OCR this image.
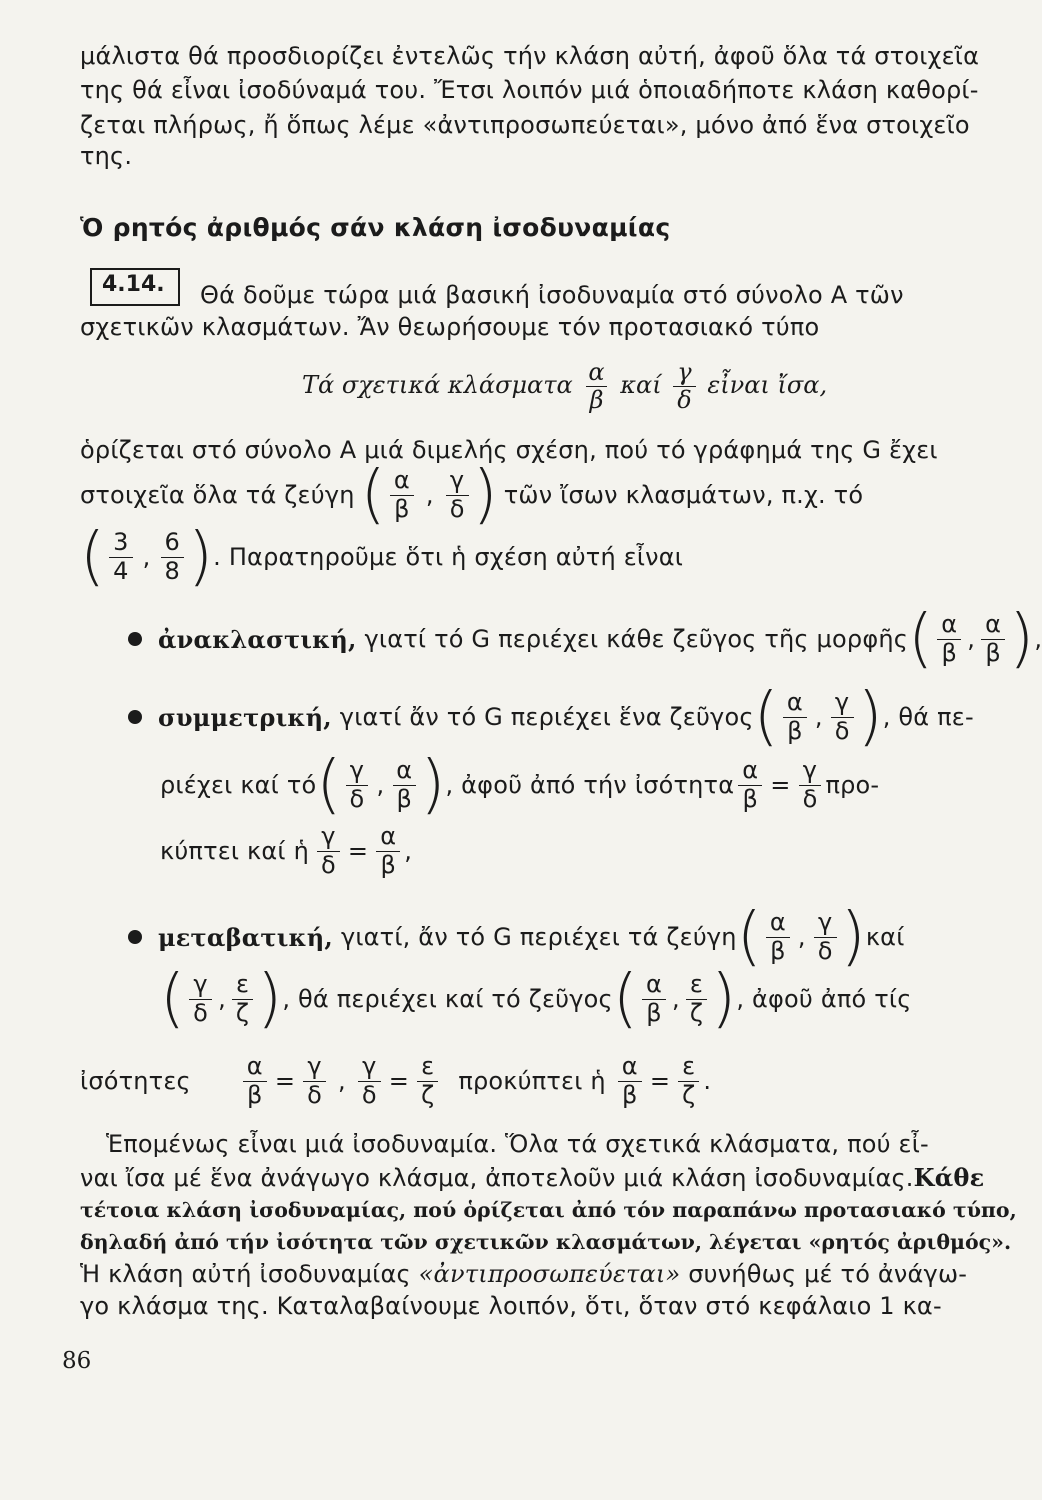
μάλιστα θά προσδιορίζει ἐντελῶς τήν κλάση αὐτή, ἀφοῦ ὅλα τά στοιχεῖα
της θά εἶναι ἰσοδύναμά του. Ἔτσι λοιπόν μιά ὁποιαδήποτε κλάση καθορί-
ζεται πλήρως, ἤ ὅπως λέμε «ἀντιπροσωπεύεται», μόνο ἀπό ἕνα στοιχεῖο
της.
Ὁ ρητός ἀριθμός σάν κλάση ἰσοδυναμίας
4.14. Θά δοῦμε τώρα μιά βασική ἰσοδυναμία στό σύνολο Α τῶν
σχετικῶν κλασμάτων. Ἄν θεωρήσουμε τόν προτασιακό τύπο
Τά σχετικά κλάσματα $\frac{\alpha}{\beta}$ καί $\frac{\gamma}{\delta}$ εἶναι ἴσα,
ὁρίζεται στό σύνολο Α μιά διμελής σχέση, πού τό γράφημά της G ἔχει
στοιχεῖα ὅλα τά ζεύγη ( $\frac{\alpha}{\beta}$ , $\frac{\gamma}{\delta}$ ) τῶν ἴσων κλασμάτων, π.χ. τό
( $\frac{3}{4}$ , $\frac{6}{8}$ ) . Παρατηροῦμε ὅτι ἡ σχέση αὐτή εἶναι
ἀνακλαστική, γιατί τό G περιέχει κάθε ζεῦγος τῆς μορφῆς ( $\frac{\alpha}{\beta}$ , $\frac{\alpha}{\beta}$ ) ,
συμμετρική, γιατί ἄν τό G περιέχει ἕνα ζεῦγος ( $\frac{\alpha}{\beta}$ , $\frac{\gamma}{\delta}$ ) , θά πε-
ριέχει καί τό ( $\frac{\gamma}{\delta}$ , $\frac{\alpha}{\beta}$ ) , ἀφοῦ ἀπό τήν ἰσότητα $\frac{\alpha}{\beta} = \frac{\gamma}{\delta} \pi\rho o-$
κύπτει καί ἡ $\frac{\gamma}{\delta} = \frac{\alpha}{\beta}$ ,
μεταβατική, γιατί, ἄν τό G περιέχει τά ζεύγη ( $\frac{\alpha}{\beta}$ , $\frac{\gamma}{\delta}$ ) καί
( $\frac{\gamma}{\delta}$ , $\frac{\varepsilon}{\zeta}$ ) , θά περιέχει καί τό ζεῦγος ( $\frac{\alpha}{\beta}$ , $\frac{\varepsilon}{\zeta}$ ) , ἀφοῦ ἀπό τίς
ἰσότητες $\frac{\alpha}{\beta} = \frac{\gamma}{\delta}$ , $\frac{\gamma}{\delta} = \frac{\varepsilon}{\zeta}$ προκύπτει ἡ $\frac{\alpha}{\beta} = \frac{\varepsilon}{\zeta}$ .
Ἑπομένως εἶναι μιά ἰσοδυναμία. Ὅλα τά σχετικά κλάσματα, πού εἶ-
ναι ἴσα μέ ἕνα ἀνάγωγο κλάσμα, ἀποτελοῦν μιά κλάση ἰσοδυναμίας.Κάθε
τέτοια κλάση ἰσοδυναμίας, πού ὁρίζεται ἀπό τόν παραπάνω προτασιακό τύπο,
δηλαδή ἀπό τήν ἰσότητα τῶν σχετικῶν κλασμάτων, λέγεται «ρητός ἀριθμός».
Ἡ κλάση αὐτή ἰσοδυναμίας «ἀντιπροσωπεύεται» συνήθως μέ τό ἀνάγω-
γο κλάσμα της. Καταλαβαίνουμε λοιπόν, ὅτι, ὅταν στό κεφάλαιο 1 κα-
86
